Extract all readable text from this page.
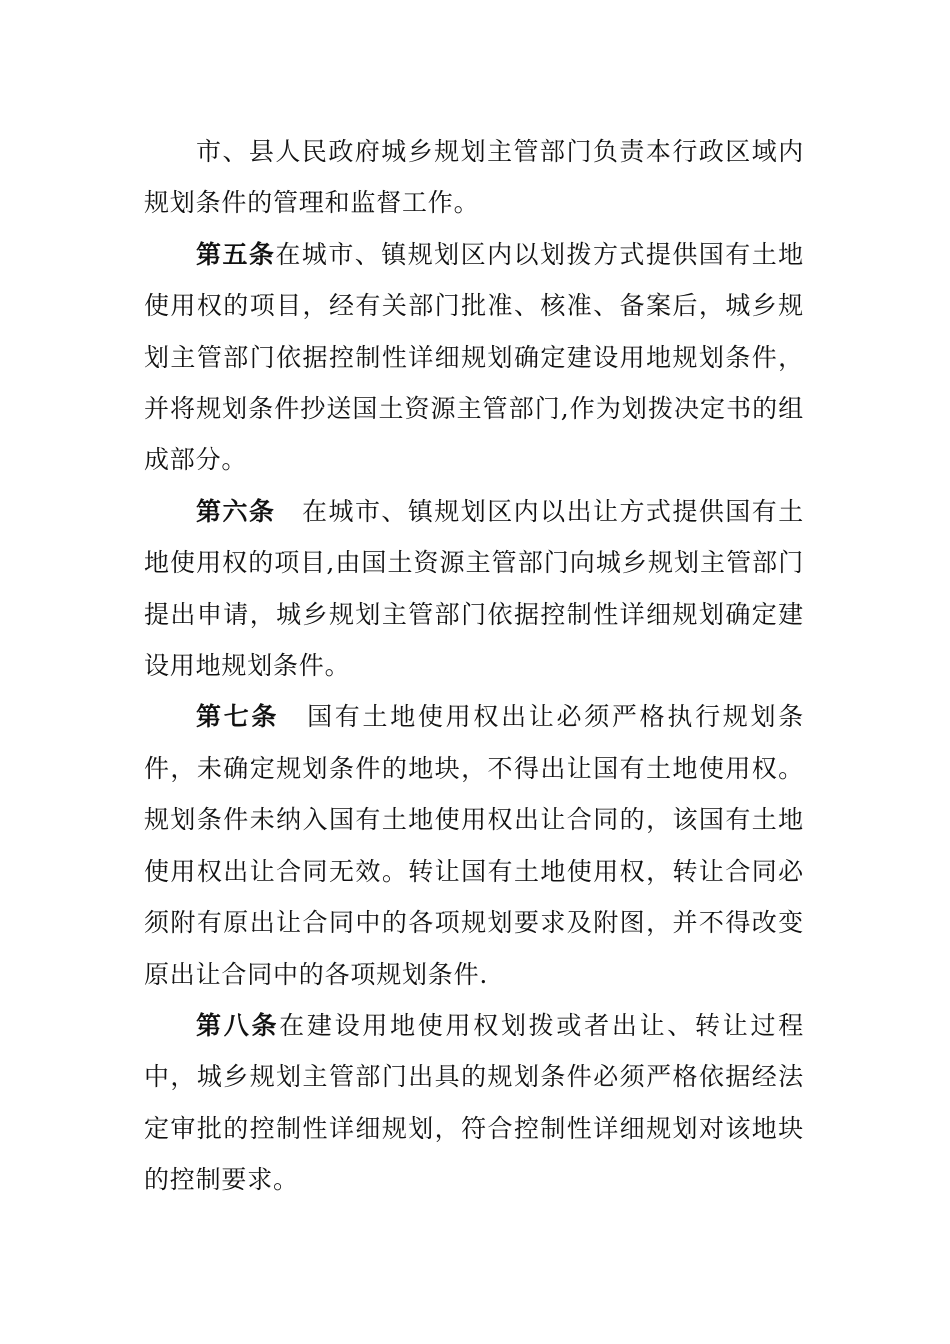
市、县人民政府城乡规划主管部门负责本行政区域内规划条件的管理和监督工作。

第五条在城市、镇规划区内以划拨方式提供国有土地使用权的项目，经有关部门批准、核准、备案后，城乡规划主管部门依据控制性详细规划确定建设用地规划条件，并将规划条件抄送国土资源主管部门,作为划拨决定书的组成部分。

第六条 在城市、镇规划区内以出让方式提供国有土地使用权的项目,由国土资源主管部门向城乡规划主管部门提出申请，城乡规划主管部门依据控制性详细规划确定建设用地规划条件。

第七条 国有土地使用权出让必须严格执行规划条件，未确定规划条件的地块，不得出让国有土地使用权。规划条件未纳入国有土地使用权出让合同的，该国有土地使用权出让合同无效。转让国有土地使用权，转让合同必须附有原出让合同中的各项规划要求及附图，并不得改变原出让合同中的各项规划条件.

第八条在建设用地使用权划拨或者出让、转让过程中，城乡规划主管部门出具的规划条件必须严格依据经法定审批的控制性详细规划，符合控制性详细规划对该地块的控制要求。
